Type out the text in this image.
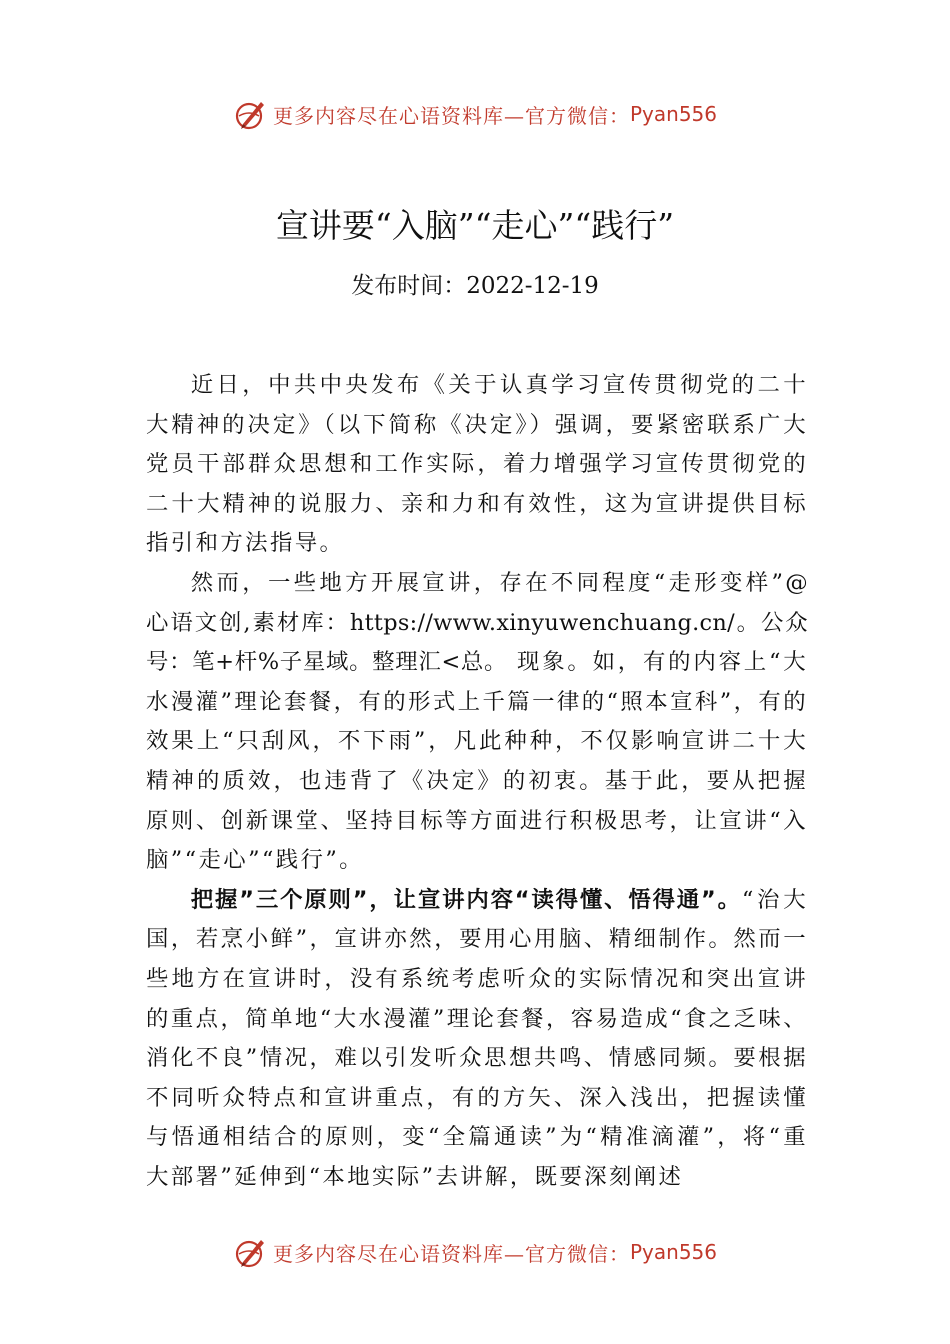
更多内容尽在心语资料库—官方微信： Pyan556
宣讲要“入脑”“走心”“践行”
发布时间：2022-12-19

近日，中共中央发布《关于认真学习宣传贯彻党的二十大精神的决定》（以下简称《决定》）强调，要紧密联系广大党员干部群众思想和工作实际，着力增强学习宣传贯彻党的二十大精神的说服力、亲和力和有效性，这为宣讲提供目标指引和方法指导。

然而，一些地方开展宣讲，存在不同程度“走形变样”@心语文创,素材库：https://www.xinyuwenchuang.cn/。公众号：笔+杆%子星域。整理汇<总。 现象。如，有的内容上“大水漫灌”理论套餐，有的形式上千篇一律的“照本宣科”，有的效果上“只刮风，不下雨”，凡此种种，不仅影响宣讲二十大精神的质效，也违背了《决定》的初衷。基于此，要从把握原则、创新课堂、坚持目标等方面进行积极思考，让宣讲“入脑”“走心”“践行”。

把握”三个原则”，让宣讲内容“读得懂、悟得通”。“治大国，若烹小鲜”，宣讲亦然，要用心用脑、精细制作。然而一些地方在宣讲时，没有系统考虑听众的实际情况和突出宣讲的重点，简单地“大水漫灌”理论套餐，容易造成“食之乏味、消化不良”情况，难以引发听众思想共鸣、情感同频。要根据不同听众特点和宣讲重点，有的方矢、深入浅出，把握读懂与悟通相结合的原则，变“全篇通读”为“精准滴灌”，将“重大部署”延伸到“本地实际”去讲解，既要深刻阐述

更多内容尽在心语资料库—官方微信： Pyan556
